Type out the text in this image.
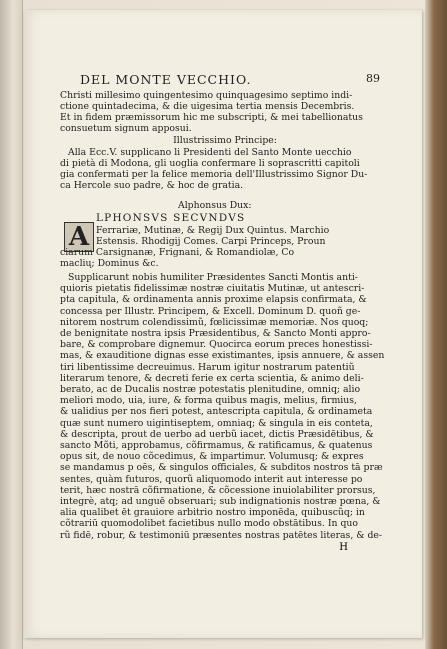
DEL MONTE VECCHIO.	89
A
Christi millesimo quingentesimo quinquagesimo septimo indi-
ctione quintadecima, & die uigesima tertia mensis Decembris.
Et in fidem præmissorum hic me subscripti, & mei tabellionatus
consuetum signum apposui.
Illustrissimo Principe:
Alla Ecc.V. supplicano li Presidenti del Santo Monte uecchio
di pietà di Modona, gli uoglia confermare li soprascritti capitoli
gia confermati per la felice memoria dell'Illustrissimo Signor Du-
ca Hercole suo padre, & hoc de gratia.
Alphonsus Dux:
LPHONSVS SECVNDVS
Ferrariæ, Mutinæ, & Regij Dux Quintus. Marchio
Estensis. Rhodigij Comes. Carpi Princeps, Proun
ciarum Carsignanæ, Frignani, & Romandiolæ, Co
maclių; Dominus &c.
Supplicarunt nobis humiliter Præsidentes Sancti Montis anti-
quioris pietatis fidelissimæ nostræ ciuitatis Mutinæ, ut antescri-
pta capitula, & ordinamenta annis proxime elapsis confirmata, &
concessa per Illustr. Principem, & Excell. Dominum D. quoñ ge-
nitorem nostrum colendissimũ, fœlicissimæ memoriæ. Nos quoq;
de benignitate nostra ipsis Præsidentibus, & Sancto Monti appro-
bare, & comprobare dignemur. Quocirca eorum preces honestissi-
mas, & exauditione dignas esse existimantes, ipsis annuere, & assen
tiri libentissime decreuimus. Harum igitur nostrarum patentiũ
literarum tenore, & decreti ferie ex certa scientia, & animo deli-
berato, ac de Ducalis nostræ potestatis plenitudine, omniq; alio
meliori modo, uia, iure, & forma quibus magis, melius, firmius,
& ualidius per nos fieri potest, antescripta capitula, & ordinameta
quæ sunt numero uigintiseptem, omniaq; & singula in eis conteta,
& descripta, prout de uerbo ad uerbũ iacet, dictis Præsidētibus, &
sancto Mõti, approbamus, cõfirmamus, & ratificamus, & quatenus
opus sit, de nouo cõcedimus, & impartimur. Volumusq; & expres
se mandamus p oēs, & singulos officiales, & subditos nostros tā præ
sentes, quàm futuros, quorũ aliquomodo interit aut interesse po
terit, hæc nostrā cõfirmatione, & cõcessione inuiolabiliter prorsus,
integrè, atq; ad unguē obseruari; sub indignationis nostræ pœna, &
alia qualibet ēt grauiore arbitrio nostro imponēda, quibuscũq; in
cõtrariū quomodolibet facietibus nullo modo obstātibus. In quo
rũ fidē, robur, & testimoniū præsentes nostras patētes literas, & de-
H
